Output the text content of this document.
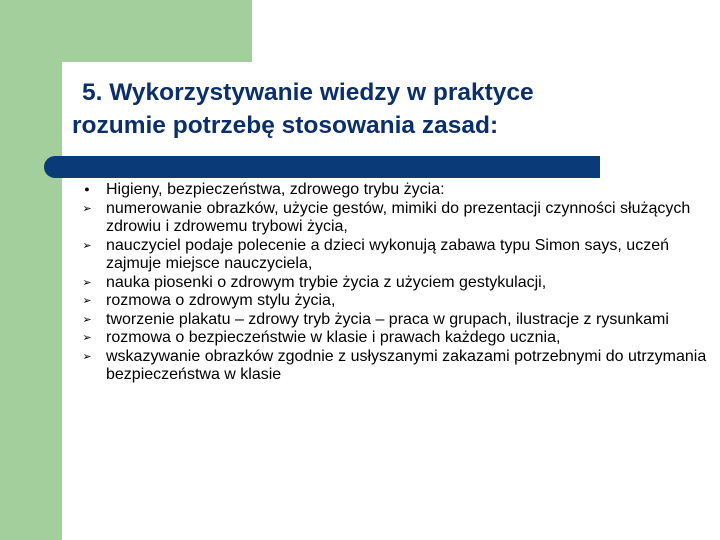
5. Wykorzystywanie wiedzy w praktyce
rozumie potrzebę stosowania zasad:
●
Higieny, bezpieczeństwa, zdrowego trybu życia:
➢
numerowanie obrazków, użycie gestów, mimiki do prezentacji czynności służących zdrowiu i zdrowemu trybowi życia,
➢
nauczyciel podaje polecenie a dzieci wykonują zabawa typu Simon says, uczeń zajmuje miejsce nauczyciela,
➢
nauka piosenki o zdrowym trybie życia z użyciem gestykulacji,
➢
rozmowa o zdrowym stylu życia,
➢
tworzenie plakatu – zdrowy tryb życia – praca w grupach, ilustracje z rysunkami
➢
rozmowa o bezpieczeństwie w klasie i prawach każdego ucznia,
➢
wskazywanie obrazków zgodnie z usłyszanymi zakazami potrzebnymi do utrzymania bezpieczeństwa w klasie
